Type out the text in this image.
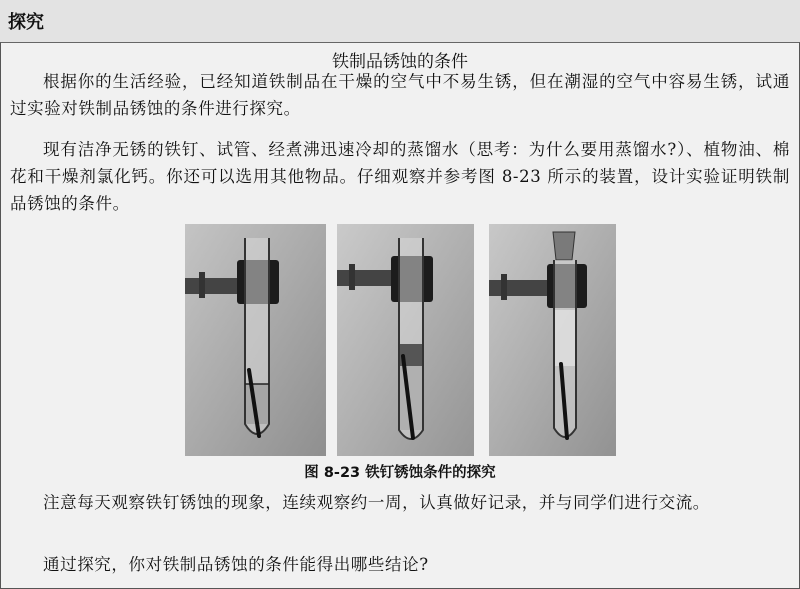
探究
铁制品锈蚀的条件
根据你的生活经验，已经知道铁制品在干燥的空气中不易生锈，但在潮湿的空气中容易生锈，试通过实验对铁制品锈蚀的条件进行探究。
现有洁净无锈的铁钉、试管、经煮沸迅速冷却的蒸馏水（思考：为什么要用蒸馏水?）、植物油、棉花和干燥剂氯化钙。你还可以选用其他物品。仔细观察并参考图 8-23 所示的装置，设计实验证明铁制品锈蚀的条件。
图 8-23 铁钉锈蚀条件的探究
注意每天观察铁钉锈蚀的现象，连续观察约一周，认真做好记录，并与同学们进行交流。
通过探究，你对铁制品锈蚀的条件能得出哪些结论?
